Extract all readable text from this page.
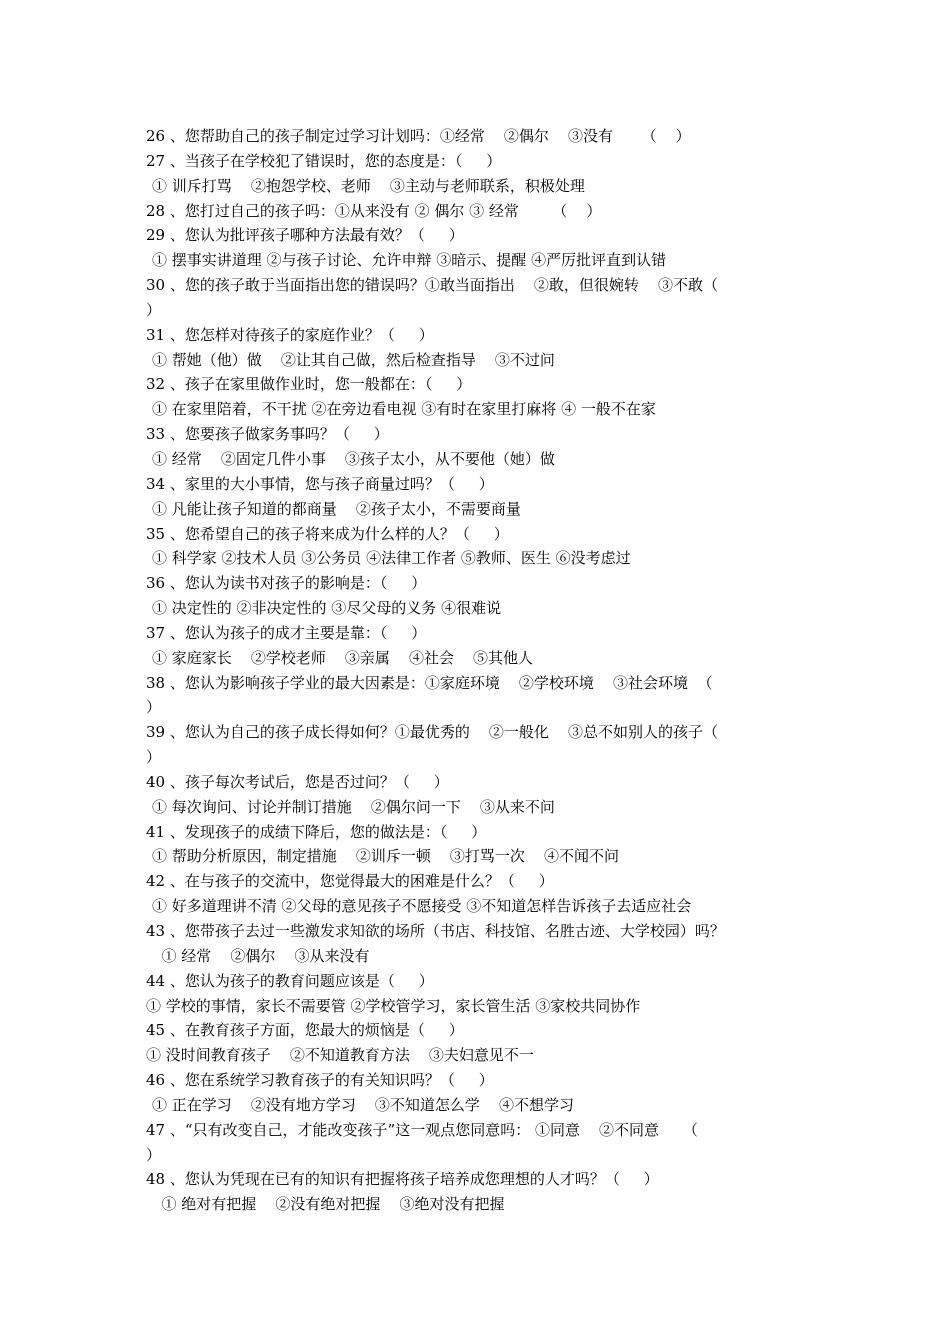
26 、您帮助自己的孩子制定过学习计划吗：①经常    ②偶尔    ③没有      （    ）
27 、当孩子在学校犯了错误时，您的态度是：（     ）
① 训斥打骂    ②抱怨学校、老师    ③主动与老师联系，积极处理
28 、您打过自己的孩子吗：①从来没有 ② 偶尔 ③ 经常       （    ）
29 、您认为批评孩子哪种方法最有效？（     ）
① 摆事实讲道理 ②与孩子讨论、允许申辩 ③暗示、提醒 ④严厉批评直到认错
30 、您的孩子敢于当面指出您的错误吗？①敢当面指出    ②敢，但很婉转    ③不敢（
）
31 、您怎样对待孩子的家庭作业？（     ）
① 帮她（他）做    ②让其自己做，然后检查指导    ③不过问
32 、孩子在家里做作业时，您一般都在：（     ）
① 在家里陪着，不干扰 ②在旁边看电视 ③有时在家里打麻将 ④ 一般不在家
33 、您要孩子做家务事吗？（     ）
① 经常    ②固定几件小事    ③孩子太小，从不要他（她）做
34 、家里的大小事情，您与孩子商量过吗？（     ）
① 凡能让孩子知道的都商量    ②孩子太小，不需要商量
35 、您希望自己的孩子将来成为什么样的人？（     ）
① 科学家 ②技术人员 ③公务员 ④法律工作者 ⑤教师、医生 ⑥没考虑过
36 、您认为读书对孩子的影响是：（     ）
① 决定性的 ②非决定性的 ③尽父母的义务 ④很难说
37 、您认为孩子的成才主要是靠：（     ）
① 家庭家长    ②学校老师    ③亲属    ④社会    ⑤其他人
38 、您认为影响孩子学业的最大因素是：①家庭环境    ②学校环境    ③社会环境  （
）
39 、您认为自己的孩子成长得如何？①最优秀的    ②一般化    ③总不如别人的孩子（
）
40 、孩子每次考试后，您是否过问？（     ）
① 每次询问、讨论并制订措施    ②偶尔问一下    ③从来不问
41 、发现孩子的成绩下降后，您的做法是：（     ）
① 帮助分析原因，制定措施    ②训斥一顿    ③打骂一次    ④不闻不问
42 、在与孩子的交流中，您觉得最大的困难是什么？（     ）
① 好多道理讲不清 ②父母的意见孩子不愿接受 ③不知道怎样告诉孩子去适应社会
43 、您带孩子去过一些激发求知欲的场所（书店、科技馆、名胜古迹、大学校园）吗？
① 经常    ②偶尔    ③从来没有
44 、您认为孩子的教育问题应该是（     ）
① 学校的事情，家长不需要管 ②学校管学习，家长管生活 ③家校共同协作
45 、在教育孩子方面，您最大的烦恼是（     ）
① 没时间教育孩子    ②不知道教育方法    ③夫妇意见不一
46 、您在系统学习教育孩子的有关知识吗？（     ）
① 正在学习    ②没有地方学习    ③不知道怎么学    ④不想学习
47 、“只有改变自己，才能改变孩子”这一观点您同意吗： ①同意    ②不同意     （
）
48 、您认为凭现在已有的知识有把握将孩子培养成您理想的人才吗？（     ）
① 绝对有把握    ②没有绝对把握    ③绝对没有把握
